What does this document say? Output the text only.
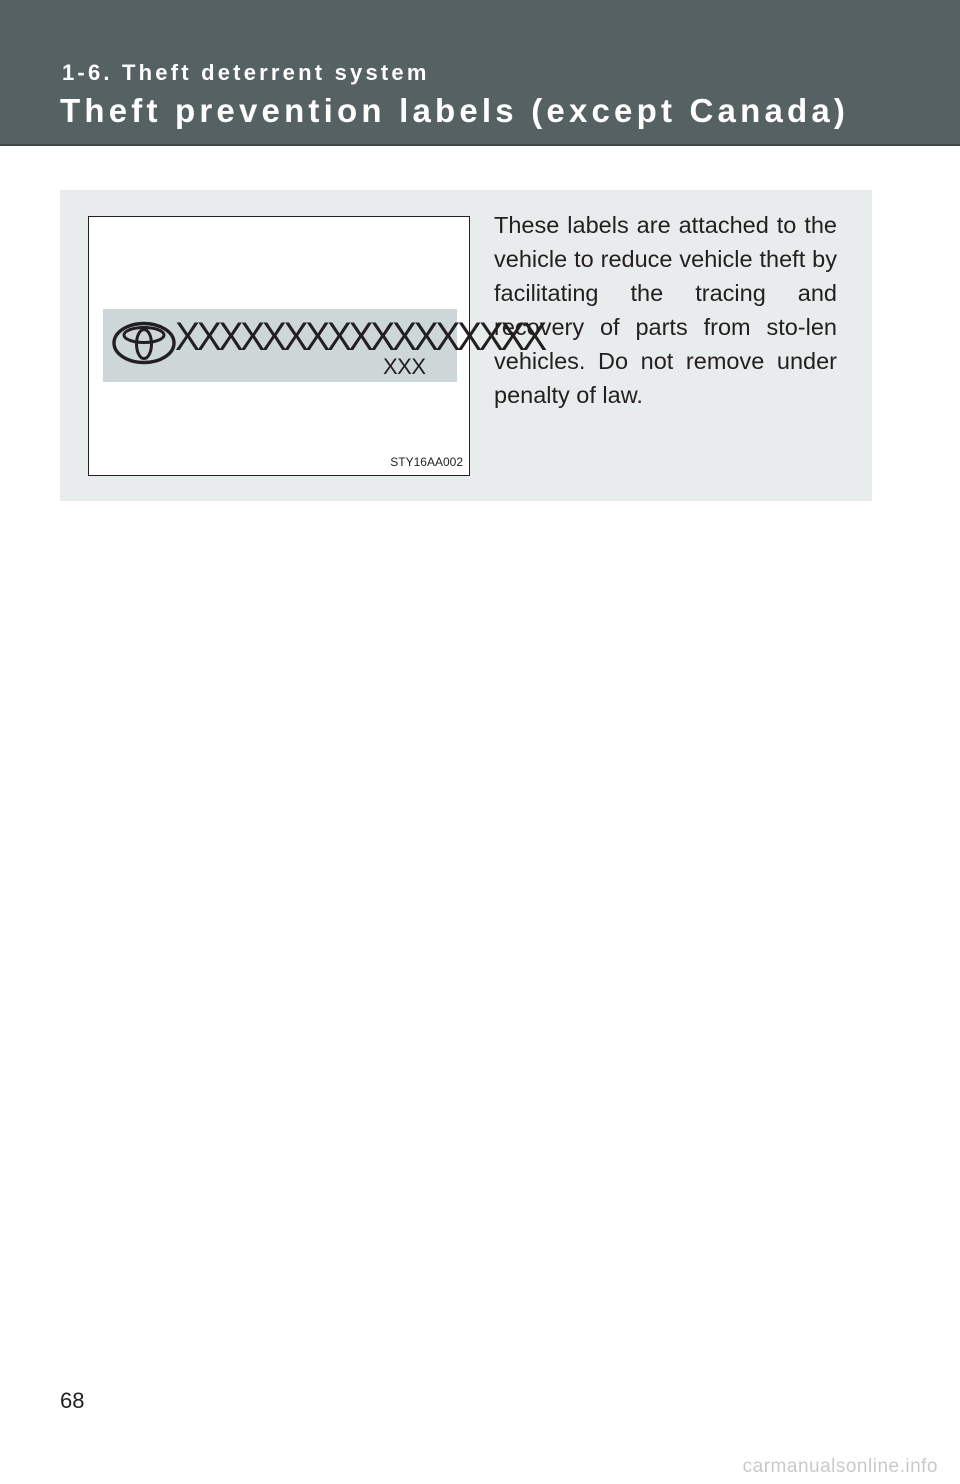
1-6. Theft deterrent system

Theft prevention labels (except Canada)

XXXXXXXXXXXXXXXXX

XXX

STY16AA002

These labels are attached to the vehicle to reduce vehicle theft by facilitating the tracing and recovery of parts from sto-len vehicles. Do not remove under penalty of law.

68

carmanualsonline.info
